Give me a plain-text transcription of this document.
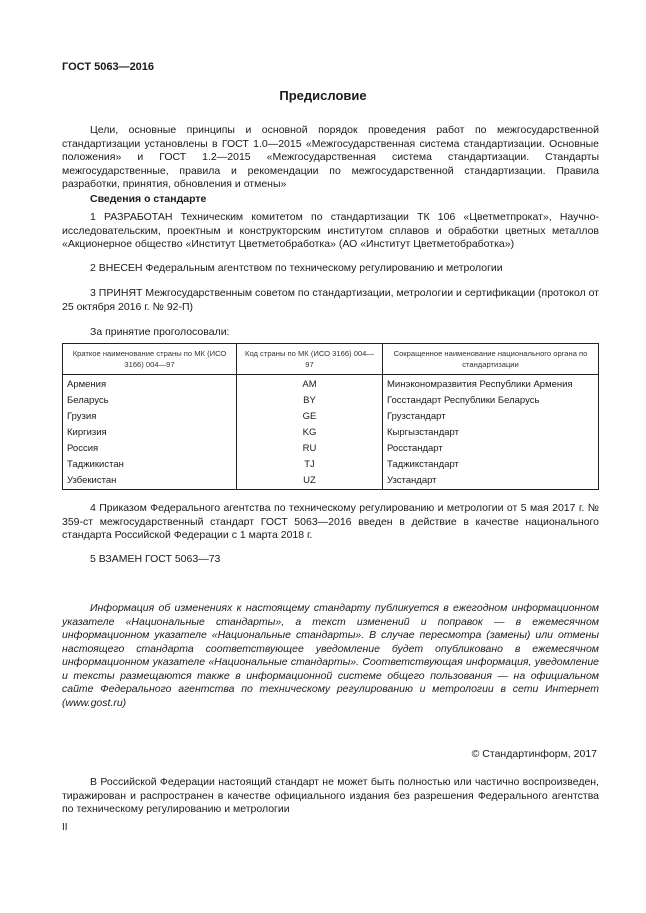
ГОСТ 5063—2016
Предисловие

Цели, основные принципы и основной порядок проведения работ по межгосударственной стандартизации установлены в ГОСТ 1.0—2015 «Межгосударственная система стандартизации. Основные положения» и ГОСТ 1.2—2015 «Межгосударственная система стандартизации. Стандарты межгосударственные, правила и рекомендации по межгосударственной стандартизации. Правила разработки, принятия, обновления и отмены»

Сведения о стандарте

1 РАЗРАБОТАН Техническим комитетом по стандартизации ТК 106 «Цветметпрокат», Научно-исследовательским, проектным и конструкторским институтом сплавов и обработки цветных металлов «Акционерное общество «Институт Цветметобработка» (АО «Институт Цветметобработка»)

2 ВНЕСЕН Федеральным агентством по техническому регулированию и метрологии

3 ПРИНЯТ Межгосударственным советом по стандартизации, метрологии и сертификации (протокол от 25 октября 2016 г. № 92-П)

За принятие проголосовали:
Краткое наименование страны по МК (ИСО 3166) 004—97	Код страны по МК (ИСО 3166) 004—97	Сокращенное наименование национального органа по стандартизации
Армения	AM	Минэкономразвития Республики Армения
Беларусь	BY	Госстандарт Республики Беларусь
Грузия	GE	Грузстандарт
Киргизия	KG	Кыргызстандарт
Россия	RU	Росстандарт
Таджикистан	TJ	Таджикстандарт
Узбекистан	UZ	Узстандарт

4 Приказом Федерального агентства по техническому регулированию и метрологии от 5 мая 2017 г. № 359-ст межгосударственный стандарт ГОСТ 5063—2016 введен в действие в качестве национального стандарта Российской Федерации с 1 марта 2018 г.

5 ВЗАМЕН ГОСТ 5063—73

Информация об изменениях к настоящему стандарту публикуется в ежегодном информационном указателе «Национальные стандарты», а текст изменений и поправок — в ежемесячном информационном указателе «Национальные стандарты». В случае пересмотра (замены) или отмены настоящего стандарта соответствующее уведомление будет опубликовано в ежемесячном информационном указателе «Национальные стандарты». Соответствующая информация, уведомление и тексты размещаются также в информационной системе общего пользования — на официальном сайте Федерального агентства по техническому регулированию и метрологии в сети Интернет (www.gost.ru)

© Стандартинформ, 2017

В Российской Федерации настоящий стандарт не может быть полностью или частично воспроизведен, тиражирован и распространен в качестве официального издания без разрешения Федерального агентства по техническому регулированию и метрологии

II
